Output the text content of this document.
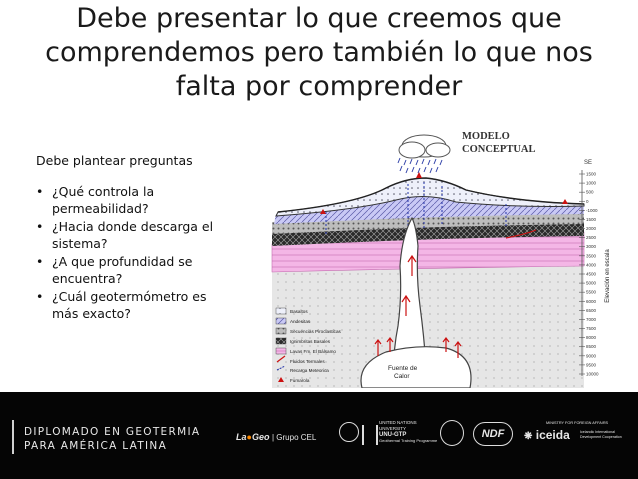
Debe presentar lo que creemos que comprendemos pero también lo que nos falta por comprender

Debe plantear preguntas

• ¿Qué controla la permeabilidad?
• ¿Hacia donde descarga el sistema?
• ¿A que profundidad se encuentra?
• ¿Cuál geotermómetro es más exacto?
MODELO
CONCEPTUAL
Fuente de
Calor
Basaltos
Andesitas
Secuencias Piroclasticas
Ignimbritas Basales
Lavas Fm. El Bálsamo
Fluidos Termales
Recarga Meteorica
Fumarola
SE
1500
1000
500
0
-1000
1500
2000
2500
3000
3500
4000
4500
5000
5500
6000
6500
7000
7500
8000
8500
9000
9500
10000
Elevación en escala
DIPLOMADO EN GEOTERMIA
PARA AMÉRICA LATINA
La●Geo | Grupo CEL
UNITED NATIONS
UNIVERSITY
UNU-GTP
Geothermal Training Programme
NDF
MINISTRY FOR FOREIGN AFFAIRS
❋ iceida	Icelandic International Development Cooperation
